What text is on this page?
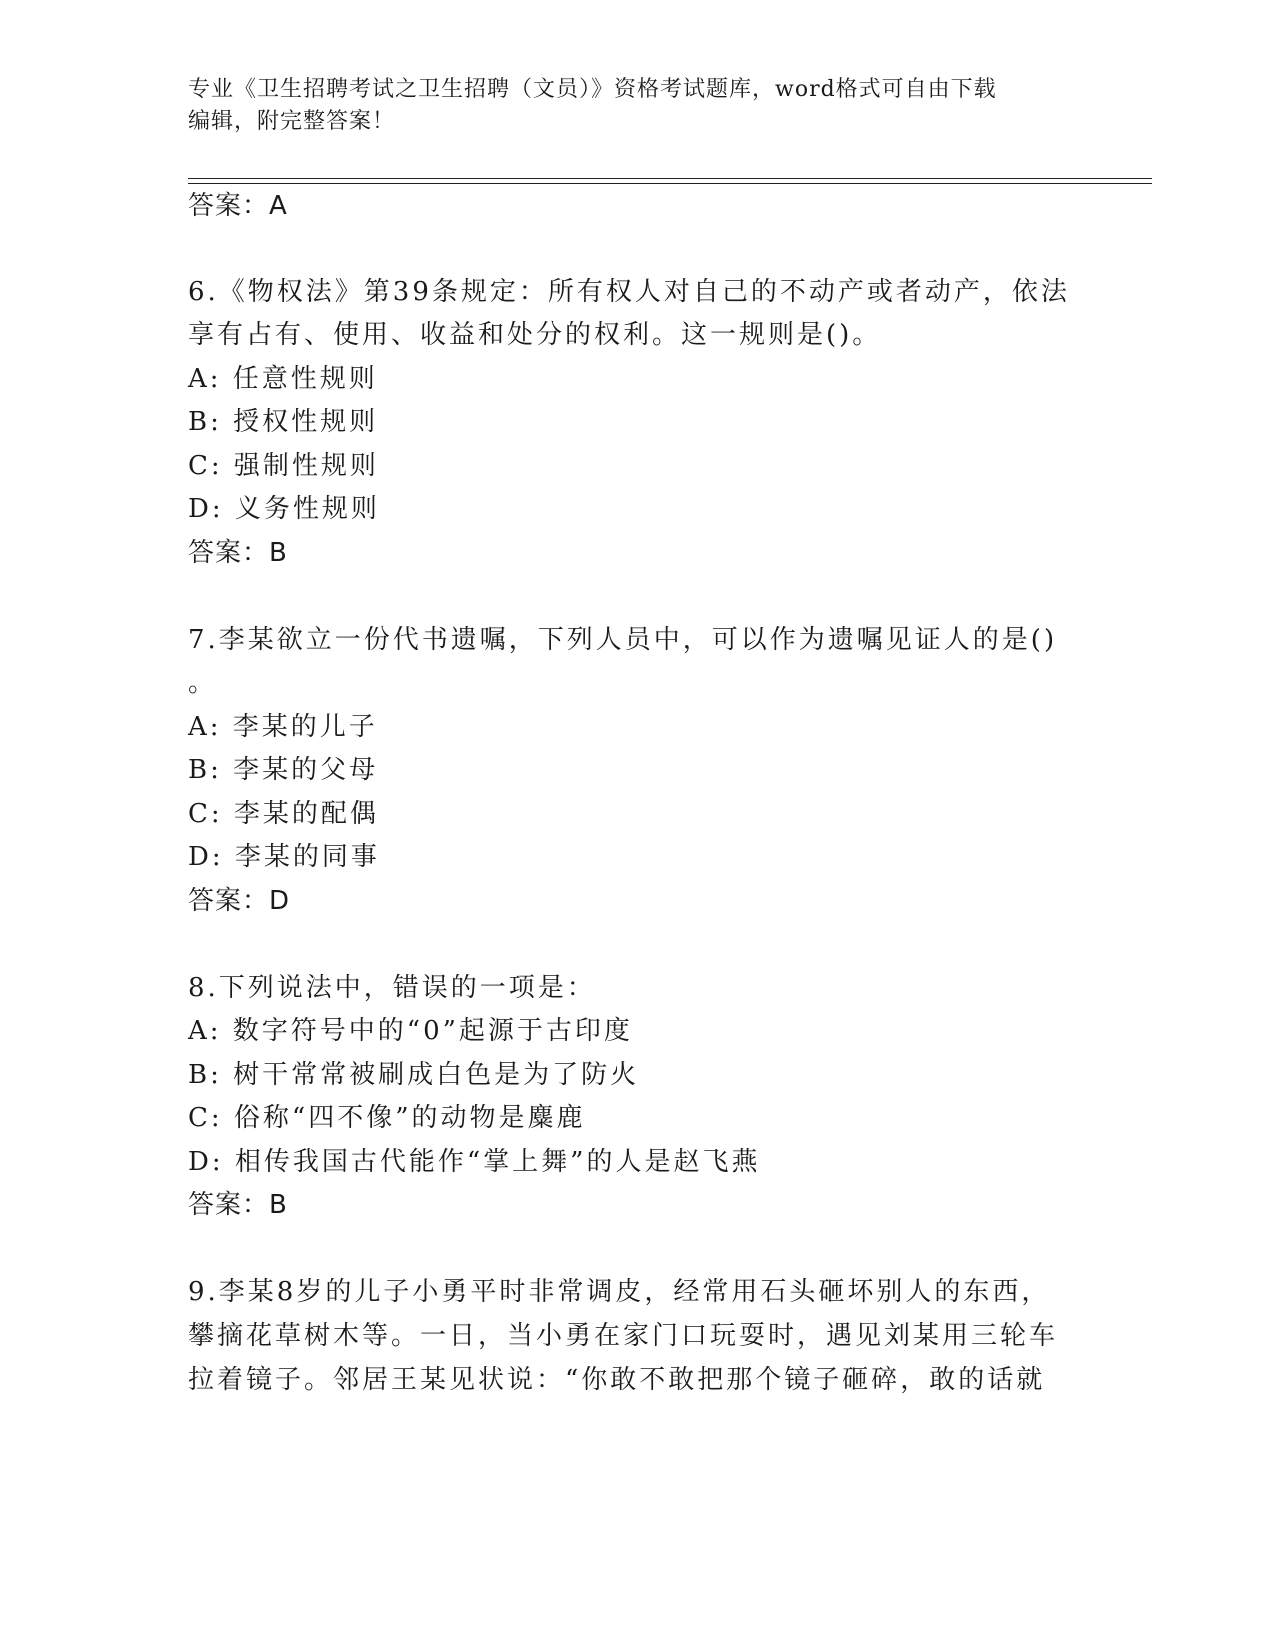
专业《卫生招聘考试之卫生招聘（文员）》资格考试题库，word格式可自由下载
编辑，附完整答案！
答案：A
6.《物权法》第39条规定：所有权人对自己的不动产或者动产，依法
享有占有、使用、收益和处分的权利。这一规则是()。
A: 任意性规则
B: 授权性规则
C: 强制性规则
D: 义务性规则
答案：B
7.李某欲立一份代书遗嘱，下列人员中，可以作为遗嘱见证人的是()
。
A: 李某的儿子
B: 李某的父母
C: 李某的配偶
D: 李某的同事
答案：D
8.下列说法中，错误的一项是：
A: 数字符号中的“0”起源于古印度
B: 树干常常被刷成白色是为了防火
C: 俗称“四不像”的动物是麋鹿
D: 相传我国古代能作“掌上舞”的人是赵飞燕
答案：B
9.李某8岁的儿子小勇平时非常调皮，经常用石头砸坏别人的东西，
攀摘花草树木等。一日，当小勇在家门口玩耍时，遇见刘某用三轮车
拉着镜子。邻居王某见状说：“你敢不敢把那个镜子砸碎，敢的话就
